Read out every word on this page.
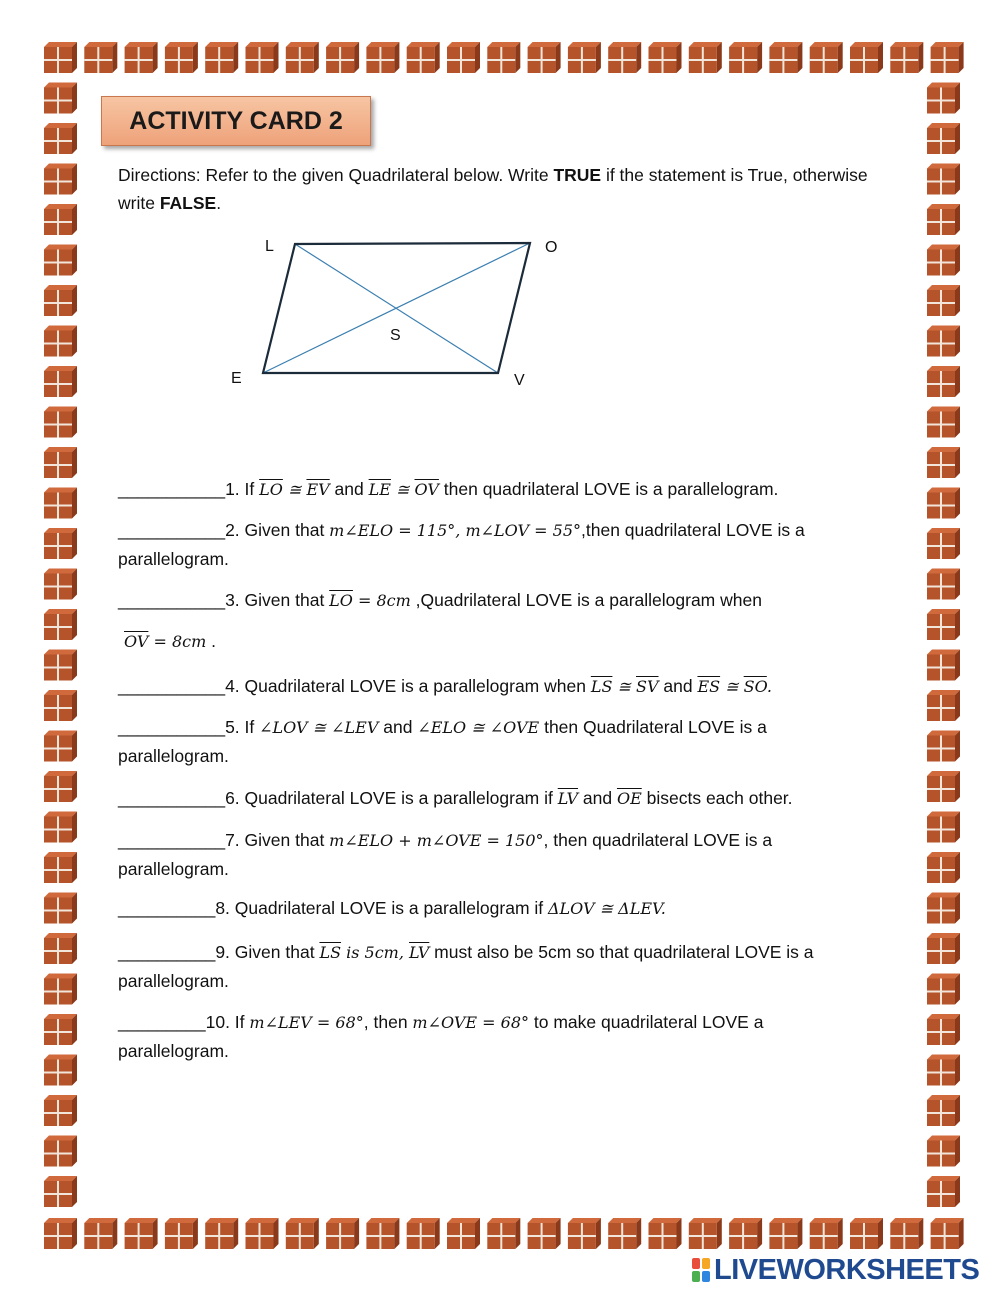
ACTIVITY CARD 2
Directions: Refer to the given Quadrilateral below. Write TRUE if the statement is True, otherwise write FALSE.
L	O
S
E	V
___________1. If $\overline{LO}$ ≅ $\overline{EV}$ and $\overline{LE}$ ≅ $\overline{OV}$ then quadrilateral LOVE is a parallelogram.
___________2. Given that m∠ELO = 115°, m∠LOV = 55°,then quadrilateral LOVE is a parallelogram.
___________3. Given that $\overline{LO} = 8cm$ ,Quadrilateral LOVE is a parallelogram when
$\overline{OV} = 8cm$ .
___________4. Quadrilateral LOVE is a parallelogram when $\overline{LS}$ ≅ $\overline{SV}$ and $\overline{ES}$ ≅ $\overline{SO}$.
___________5. If ∠LOV ≅ ∠LEV and ∠ELO ≅ ∠OVE then Quadrilateral LOVE is a parallelogram.
___________6. Quadrilateral LOVE is a parallelogram if $\overline{LV}$ and $\overline{OE}$ bisects each other.
___________7. Given that m∠ELO + m∠OVE = 150°, then quadrilateral LOVE is a parallelogram.
__________8. Quadrilateral LOVE is a parallelogram if ΔLOV ≅ ΔLEV.
__________9. Given that $\overline{LS}$ is 5cm, $\overline{LV}$ must also be 5cm so that quadrilateral LOVE is a parallelogram.
_________10. If m∠LEV = 68°, then m∠OVE = 68° to make quadrilateral LOVE a parallelogram.
LIVEWORKSHEETS
